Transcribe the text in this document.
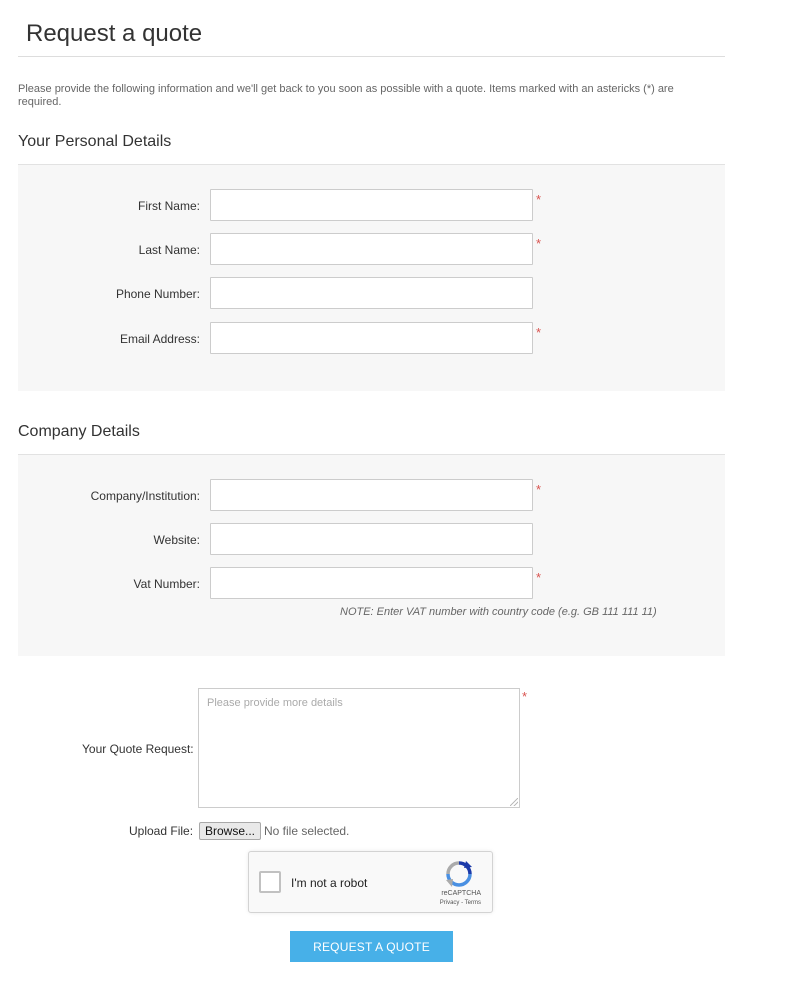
Request a quote

Please provide the following information and we'll get back to you soon as possible with a quote. Items marked with an astericks (*) are required.

Your Personal Details
First Name:	*
Last Name:	*
Phone Number:
Email Address:	*
Company Details
Company/Institution:	*
Website:
Vat Number:	*
NOTE: Enter VAT number with country code (e.g. GB 111 111 11)
Your Quote Request:
Please provide more details
*
Upload File: Browse... No file selected.
I'm not a robot
reCAPTCHA
Privacy - Terms
REQUEST A QUOTE
